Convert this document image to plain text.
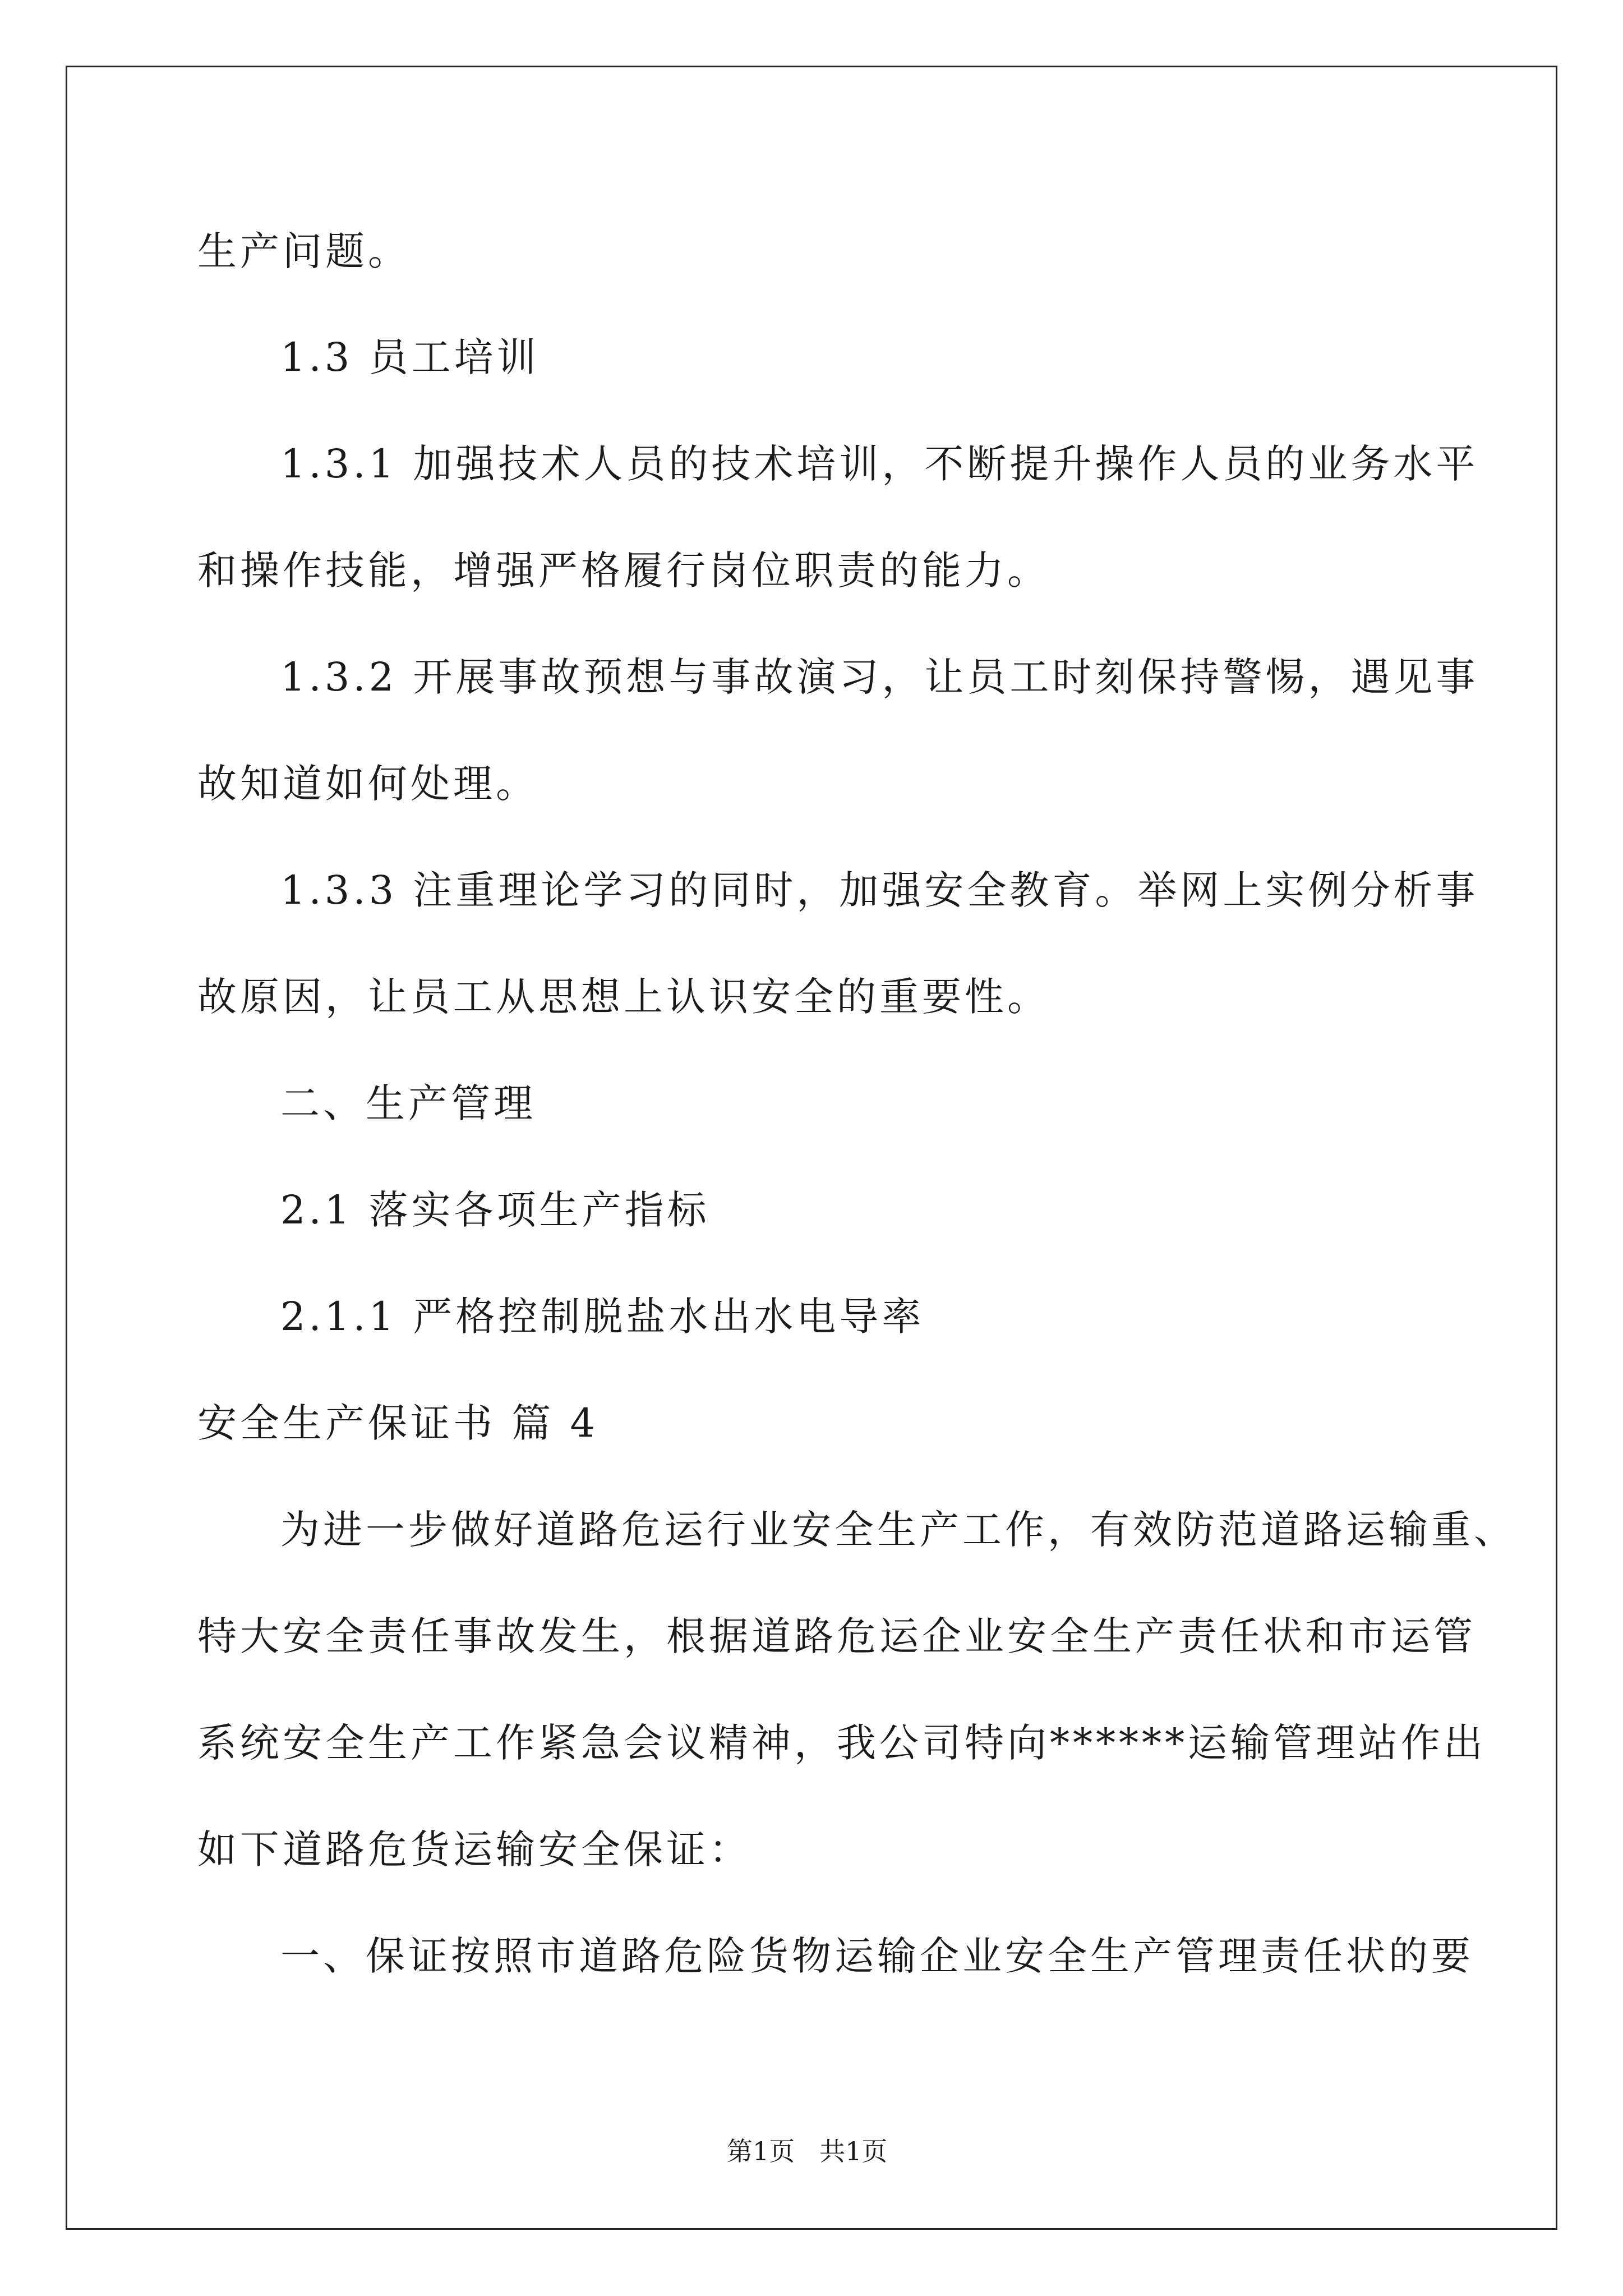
生产问题。
1.3 员工培训
1.3.1 加强技术人员的技术培训，不断提升操作人员的业务水平
和操作技能，增强严格履行岗位职责的能力。
1.3.2 开展事故预想与事故演习，让员工时刻保持警惕，遇见事
故知道如何处理。
1.3.3 注重理论学习的同时，加强安全教育。举网上实例分析事
故原因，让员工从思想上认识安全的重要性。
二、生产管理
2.1 落实各项生产指标
2.1.1 严格控制脱盐水出水电导率
安全生产保证书 篇 4
为进一步做好道路危运行业安全生产工作，有效防范道路运输重、
特大安全责任事故发生，根据道路危运企业安全生产责任状和市运管
系统安全生产工作紧急会议精神，我公司特向******运输管理站作出
如下道路危货运输安全保证：
一、保证按照市道路危险货物运输企业安全生产管理责任状的要
第1页   共1页
